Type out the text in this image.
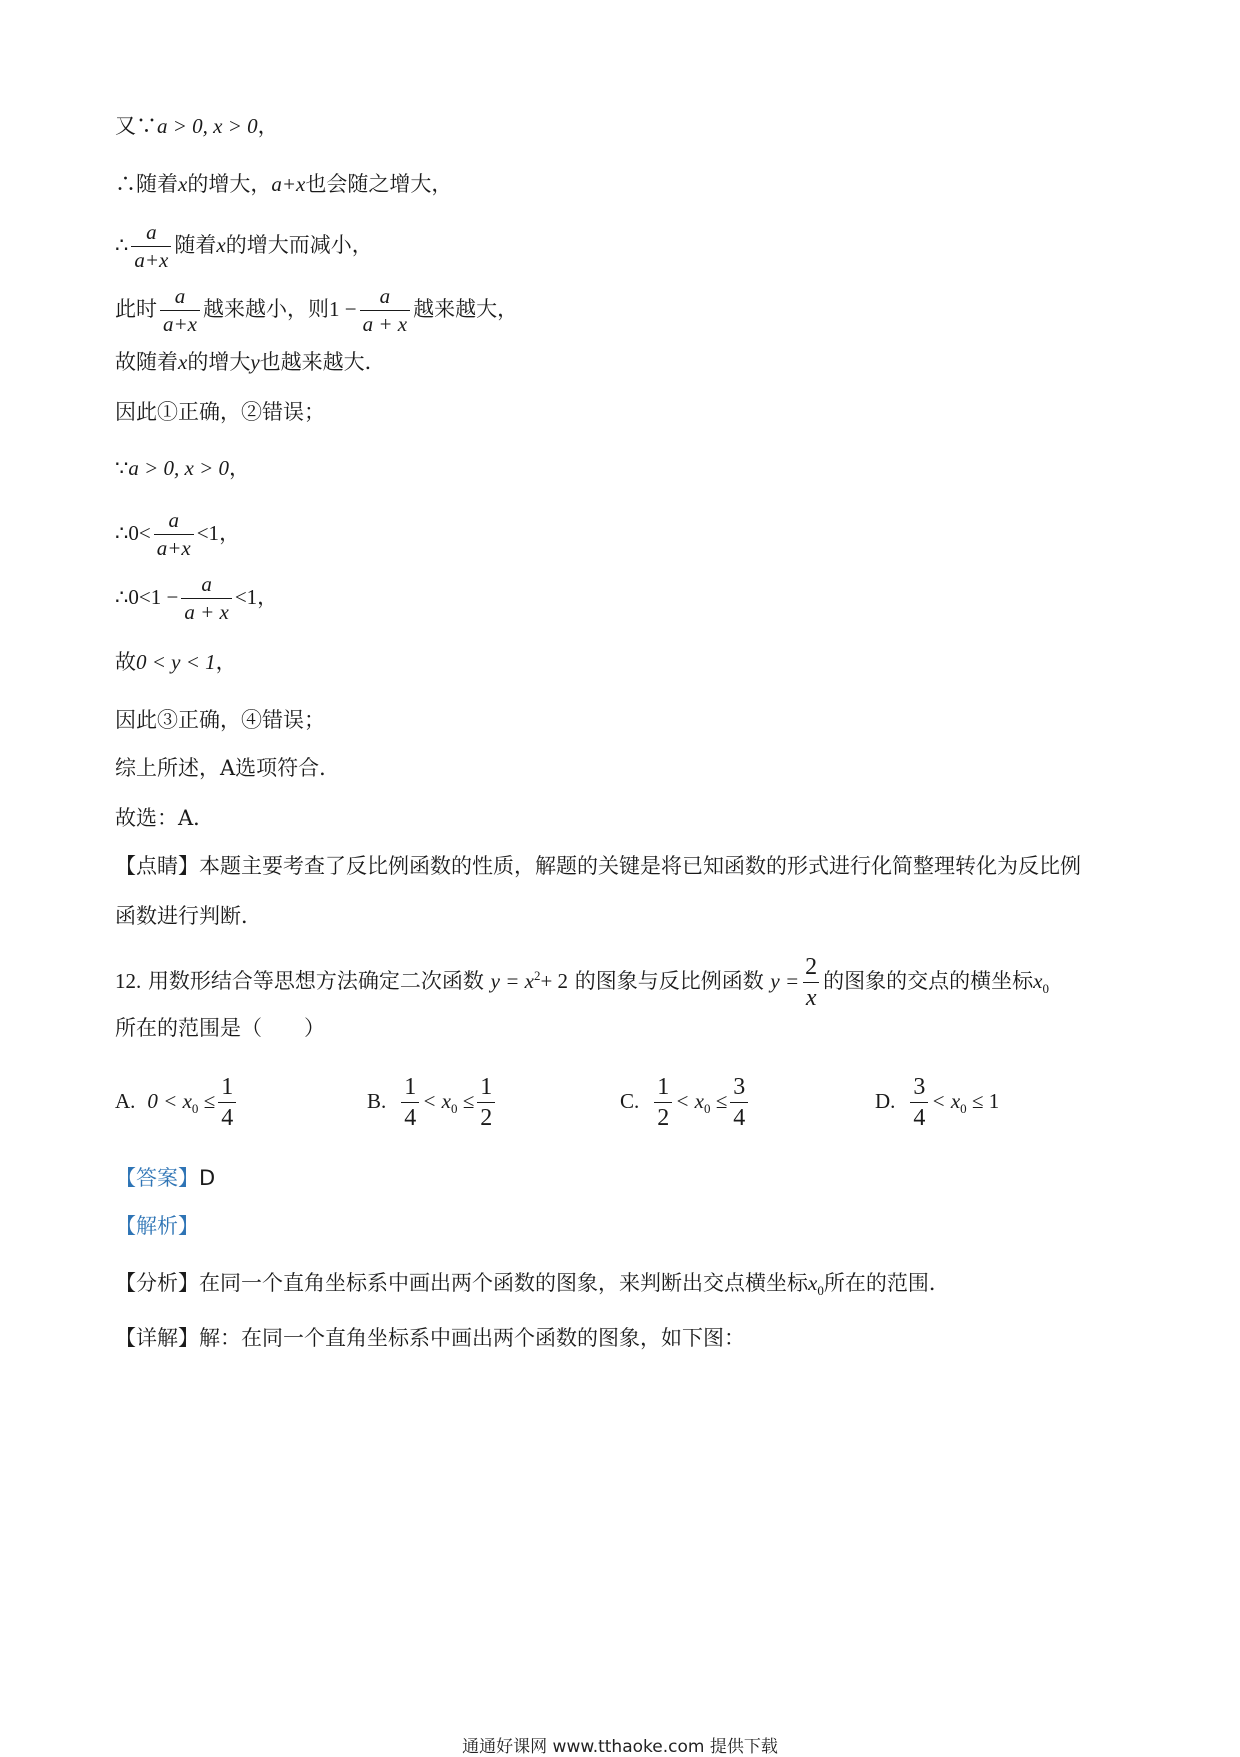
又∵a > 0, x > 0，
∴随着x的增大，a+x也会随之增大，
∴ $\frac{a}{a+x}$ 随着x的增大而减小，
此时 $\frac{a}{a+x}$ 越来越小，则$1 - \frac{a}{a + x}$ 越来越大，
故随着x的增大y也越来越大．
因此①正确，②错误；
∵a > 0, x > 0，
∴0< $\frac{a}{a+x} <1$，
∴0<1 − $\frac{a}{a + x} <1$，
故0 < y < 1，
因此③正确，④错误；
综上所述，A选项符合．
故选：A．
【点睛】本题主要考查了反比例函数的性质，解题的关键是将已知函数的形式进行化简整理转化为反比例
函数进行判断．
12. 用数形结合等思想方法确定二次函数 $y = x^2+ 2$ 的图象与反比例函数 $y = \frac{2}{x}$ 的图象的交点的横坐标$x_0$
所在的范围是（　　）
A. $0 < x_0 \le \frac{1}{4}$	B. $\frac{1}{4} < x_0 \le \frac{1}{2}$	C. $\frac{1}{2} < x_0 \le \frac{3}{4}$	D. $\frac{3}{4} < x_0 \le 1$
【答案】D
【解析】
【分析】在同一个直角坐标系中画出两个函数的图象，来判断出交点横坐标$x_0$所在的范围．
【详解】解：在同一个直角坐标系中画出两个函数的图象，如下图：
通通好课网 www.tthaoke.com 提供下载
